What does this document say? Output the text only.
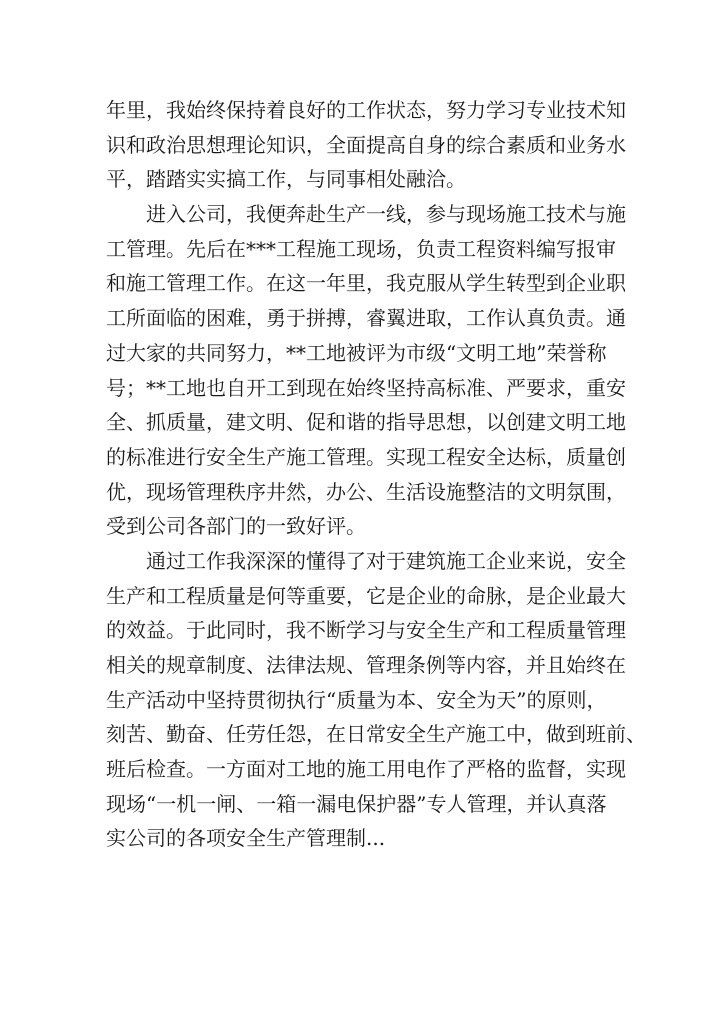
年里，我始终保持着良好的工作状态，努力学习专业技术知
识和政治思想理论知识，全面提高自身的综合素质和业务水
平，踏踏实实搞工作，与同事相处融洽。
进入公司，我便奔赴生产一线，参与现场施工技术与施
工管理。先后在***工程施工现场，负责工程资料编写报审
和施工管理工作。在这一年里，我克服从学生转型到企业职
工所面临的困难，勇于拼搏，睿翼进取，工作认真负责。通
过大家的共同努力，**工地被评为市级“文明工地”荣誉称
号；**工地也自开工到现在始终坚持高标准、严要求，重安
全、抓质量，建文明、促和谐的指导思想，以创建文明工地
的标准进行安全生产施工管理。实现工程安全达标，质量创
优，现场管理秩序井然，办公、生活设施整洁的文明氛围，
受到公司各部门的一致好评。
通过工作我深深的懂得了对于建筑施工企业来说，安全
生产和工程质量是何等重要，它是企业的命脉，是企业最大
的效益。于此同时，我不断学习与安全生产和工程质量管理
相关的规章制度、法律法规、管理条例等内容，并且始终在
生产活动中坚持贯彻执行“质量为本、安全为天”的原则，
刻苦、勤奋、任劳任怨，在日常安全生产施工中，做到班前、
班后检查。一方面对工地的施工用电作了严格的监督，实现
现场“一机一闸、一箱一漏电保护器”专人管理，并认真落
实公司的各项安全生产管理制...
